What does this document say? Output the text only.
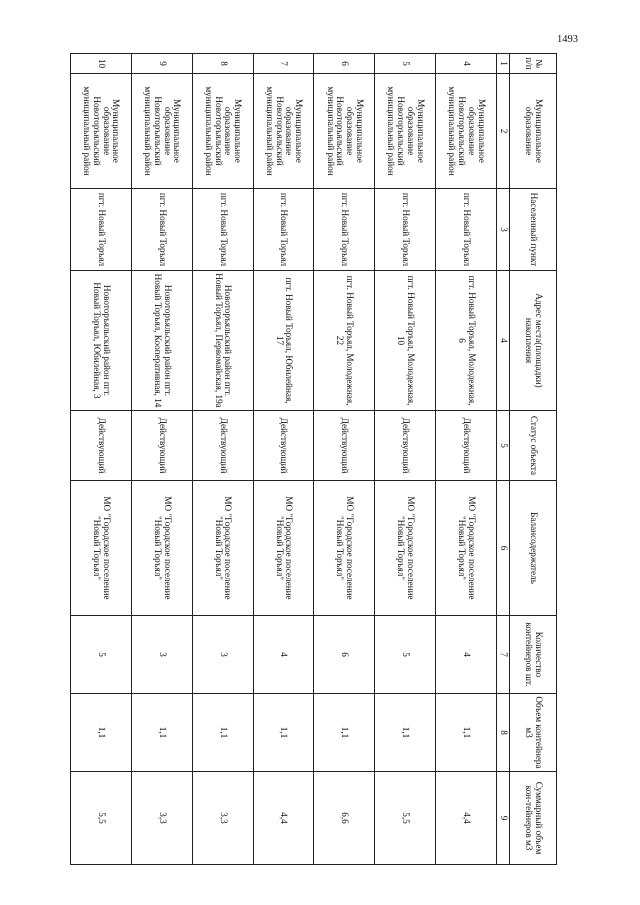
1493
№ п/п	Муниципальное образование	Населенный пункт	Адрес места(площадки) накопления	Статус объекта	Балансодержатель	Количество контейнеров шт.	Объем контейнера м3	Суммарный объем кон-тейнеров м3
1	2	3	4	5	6	7	8	9
4	Муниципальное образование Новоторъяльский муниципальный район	пгт. Новый Торъял	пгт. Новый Торъял, Молодежная, 6	Действующий	МО "Городское поселение "Новый Торъял"	4	1,1	4,4
5	Муниципальное образование Новоторъяльский муниципальный район	пгт. Новый Торъял	пгт. Новый Торъял, Молодежная, 10	Действующий	МО "Городское поселение "Новый Торъял"	5	1,1	5,5
6	Муниципальное образование Новоторъяльский муниципальный район	пгт. Новый Торъял	пгт. Новый Торъял, Молодежная, 22	Действующий	МО "Городское поселение "Новый Торъял"	6	1,1	6,6
7	Муниципальное образование Новоторъяльский муниципальный район	пгт. Новый Торъял	пгт. Новый Торъял, Юбилейная, 17	Действующий	МО "Городское поселение "Новый Торъял"	4	1,1	4,4
8	Муниципальное образование Новоторъяльский муниципальный район	пгт. Новый Торъял	Новоторъяльский район пгт. Новый Торъял, Первомайская, 19а	Действующий	МО "Городское поселение "Новый Торъял"	3	1,1	3,3
9	Муниципальное образование Новоторъяльский муниципальный район	пгт. Новый Торъял	Новоторъяльский район пгт. Новый Торъял, Кооперативная, 14	Действующий	МО "Городское поселение "Новый Торъял"	3	1,1	3,3
10	Муниципальное образование Новоторъяльский муниципальный район	пгт. Новый Торъял	Новоторъяльский район пгт. Новый Торъял, Юбилейная, 3	Действующий	МО "Городское поселение "Новый Торъял"	5	1,1	5,5
